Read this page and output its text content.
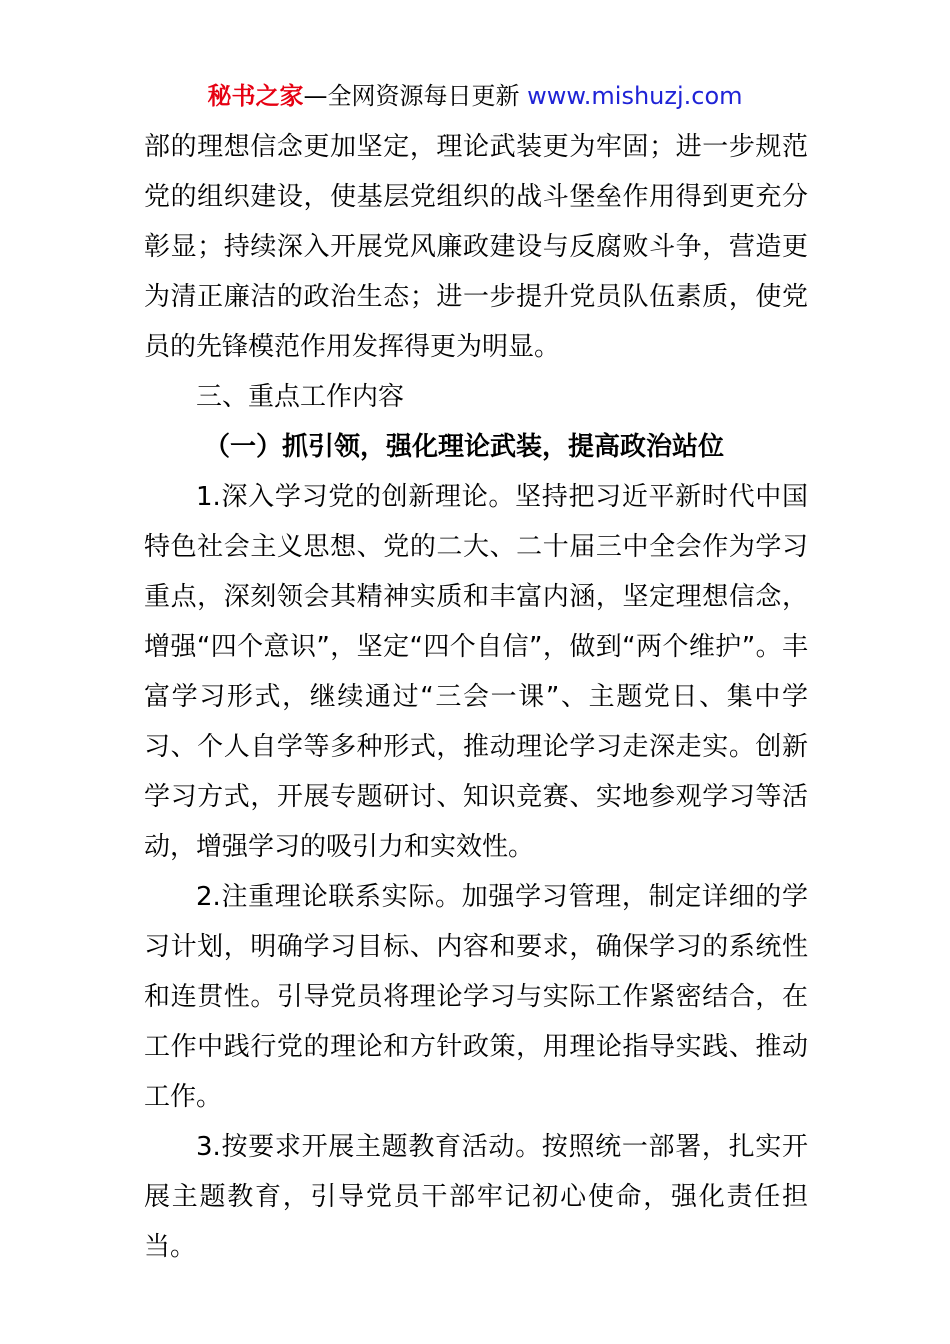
秘书之家—全网资源每日更新 www.mishuzj.com

部的理想信念更加坚定，理论武装更为牢固；进一步规范党的组织建设，使基层党组织的战斗堡垒作用得到更充分彰显；持续深入开展党风廉政建设与反腐败斗争，营造更为清正廉洁的政治生态；进一步提升党员队伍素质，使党员的先锋模范作用发挥得更为明显。

三、重点工作内容

（一）抓引领，强化理论武装，提高政治站位

1.深入学习党的创新理论。坚持把习近平新时代中国特色社会主义思想、党的二大、二十届三中全会作为学习重点，深刻领会其精神实质和丰富内涵，坚定理想信念，增强“四个意识”，坚定“四个自信”，做到“两个维护”。丰富学习形式，继续通过“三会一课”、主题党日、集中学习、个人自学等多种形式，推动理论学习走深走实。创新学习方式，开展专题研讨、知识竞赛、实地参观学习等活动，增强学习的吸引力和实效性。

2.注重理论联系实际。加强学习管理，制定详细的学习计划，明确学习目标、内容和要求，确保学习的系统性和连贯性。引导党员将理论学习与实际工作紧密结合，在工作中践行党的理论和方针政策，用理论指导实践、推动工作。

3.按要求开展主题教育活动。按照统一部署，扎实开展主题教育，引导党员干部牢记初心使命，强化责任担当。
